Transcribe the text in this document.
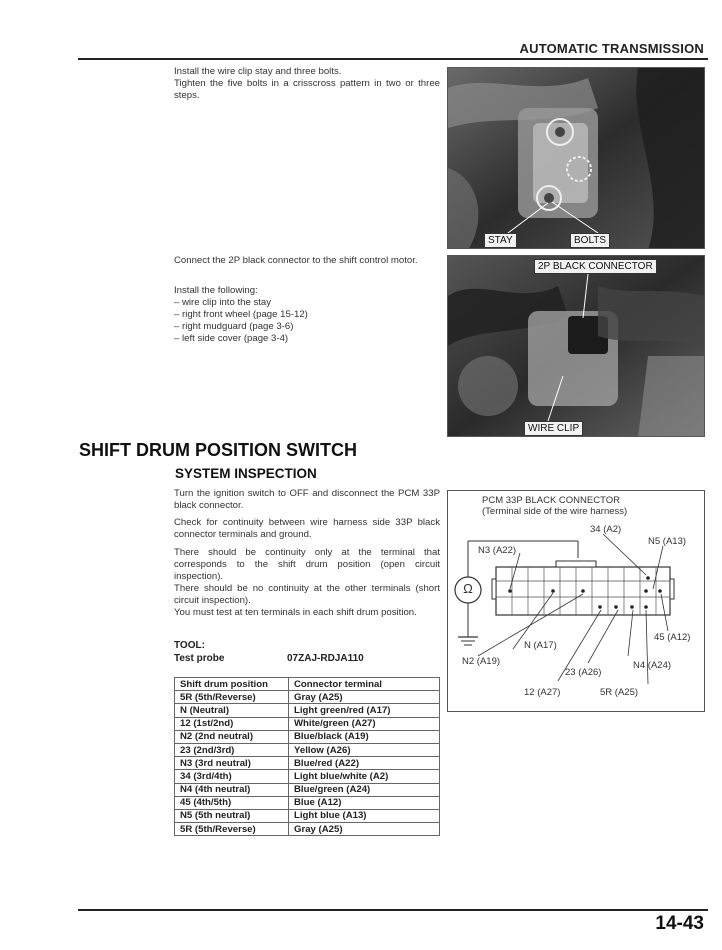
AUTOMATIC TRANSMISSION
Install the wire clip stay and three bolts.
Tighten the five bolts in a crisscross pattern in two or three steps.
STAY	BOLTS
Connect the 2P black connector to the shift control motor.
Install the following:
– wire clip into the stay
– right front wheel (page 15-12)
– right mudguard (page 3-6)
– left side cover (page 3-4)
2P BLACK CONNECTOR
WIRE CLIP
SHIFT DRUM POSITION SWITCH
SYSTEM INSPECTION
Turn the ignition switch to OFF and disconnect the PCM 33P black connector.
Check for continuity between wire harness side 33P black connector terminals and ground.
There should be continuity only at the terminal that corresponds to the shift drum position (open circuit inspection).
There should be no continuity at the other terminals (short circuit inspection).
You must test at ten terminals in each shift drum position.
TOOL:
Test probe	07ZAJ-RDJA110
Shift drum position	Connector terminal
5R (5th/Reverse)	Gray (A25)
N (Neutral)	Light green/red (A17)
12 (1st/2nd)	White/green (A27)
N2 (2nd neutral)	Blue/black (A19)
23 (2nd/3rd)	Yellow (A26)
N3 (3rd neutral)	Blue/red (A22)
34 (3rd/4th)	Light blue/white (A2)
N4 (4th neutral)	Blue/green (A24)
45 (4th/5th)	Blue (A12)
N5 (5th neutral)	Light blue (A13)
5R (5th/Reverse)	Gray (A25)
PCM 33P BLACK CONNECTOR
(Terminal side of the wire harness)
Ω
34 (A2)
N5 (A13)
N3 (A22)
45 (A12)
N (A17)
N2 (A19)	N4 (A24)
23 (A26)
12 (A27)	5R (A25)
14-43
